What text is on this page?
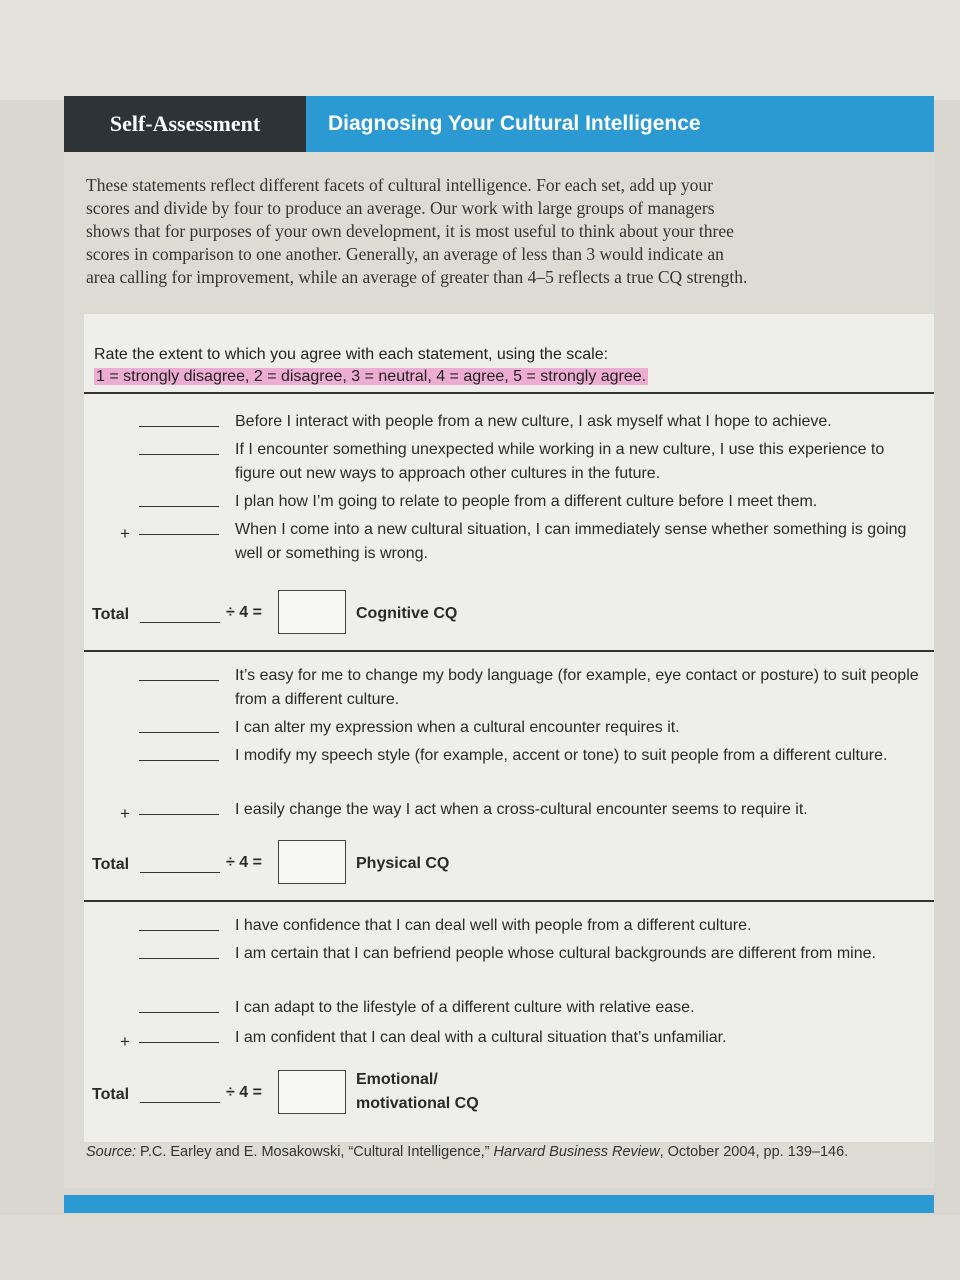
Self-Assessment	Diagnosing Your Cultural Intelligence
These statements reflect different facets of cultural intelligence. For each set, add up your scores and divide by four to produce an average. Our work with large groups of managers shows that for purposes of your own development, it is most useful to think about your three scores in comparison to one another. Generally, an average of less than 3 would indicate an area calling for improvement, while an average of greater than 4–5 reflects a true CQ strength.
Rate the extent to which you agree with each statement, using the scale:
1 = strongly disagree, 2 = disagree, 3 = neutral, 4 = agree, 5 = strongly agree.
Before I interact with people from a new culture, I ask myself what I hope to achieve.
If I encounter something unexpected while working in a new culture, I use this experience to figure out new ways to approach other cultures in the future.
I plan how I’m going to relate to people from a different culture before I meet them.
+	When I come into a new cultural situation, I can immediately sense whether something is going well or something is wrong.
Total	÷ 4 =	Cognitive CQ
It’s easy for me to change my body language (for example, eye contact or posture) to suit people from a different culture.
I can alter my expression when a cultural encounter requires it.
I modify my speech style (for example, accent or tone) to suit people from a different culture.
+	I easily change the way I act when a cross-cultural encounter seems to require it.
Total	÷ 4 =	Physical CQ
I have confidence that I can deal well with people from a different culture.
I am certain that I can befriend people whose cultural backgrounds are different from mine.
I can adapt to the lifestyle of a different culture with relative ease.
+	I am confident that I can deal with a cultural situation that’s unfamiliar.
Total	÷ 4 =
Emotional/
motivational CQ
Source: P.C. Earley and E. Mosakowski, “Cultural Intelligence,” Harvard Business Review, October 2004, pp. 139–146.
